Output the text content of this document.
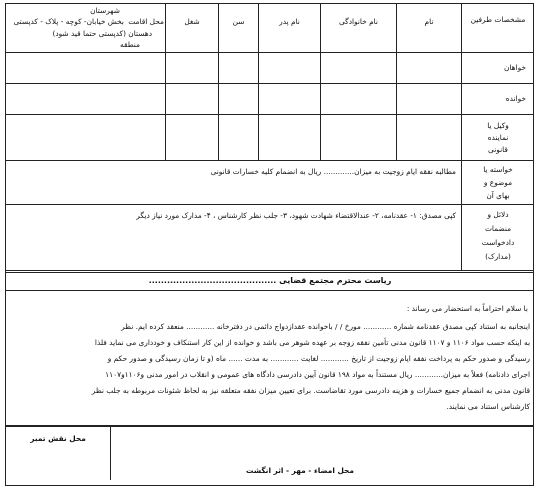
مشخصات طرفین
نام
نام خانوادگی
نام پدر
سن
شغل
محل اقامت
شهرستان
بخش خیابان- کوچه - پلاک - کدپستی
دهستان (کدپستی حتما قید شود)
منطقه
خواهان
خوانده
وکیل یا
نماینده
قانونی
خواسته یا
موضوع و
بهای آن
مطالبه نفقه ایام زوجیت به میزان............. ریال به انضمام کلیه خسارات قانونی
دلائل و
منضمات
دادخواست
(مدارک)
کپی مصدق: ۱- عقدنامه، ۲- عندالاقتضاء شهادت شهود، ۳- جلب نظر کارشناس ، ۴- مدارک مورد نیاز دیگر
ریاست محترم مجتمع قضایی ..........................................
با سلام احتراماً به استحضار می رساند :
اینجانبه به استناد کپی مصدق عقدنامه شماره ............ مورخ / / باخوانده عقدازدواج دائمی در دفترخانه ............ منعقد کرده ایم. نظر
به اینکه حسب مواد ۱۱۰۶ و ۱۱۰۷ قانون مدنی تأمین نفقه زوجه بر عهده شوهر می باشد و خوانده از این کار استنکاف و خودداری می نماید فلذا
رسیدگی و صدور حکم به پرداخت نفقه ایام زوجیت از تاریخ ............ لغایت ............ به مدت ...... ماه (و تا زمان رسیدگی و صدور حکم و
اجرای دادنامه) فعلاً به میزان............ ریال مستنداً به مواد ۱۹۸ قانون آیین دادرسی دادگاه های عمومی و انقلاب در امور مدنی و۱۱۰۶و۱۱۰۷
قانون مدنی به انضمام جمیع خسارات و هزینه دادرسی مورد تقاضاست. برای تعیین میزان نفقه متعلقه نیز به لحاظ شئونات مربوطه به جلب نظر
کارشناس استناد می نمایند.
محل نقش تمبر
محل امضاء - مهر - اثر انگشت
